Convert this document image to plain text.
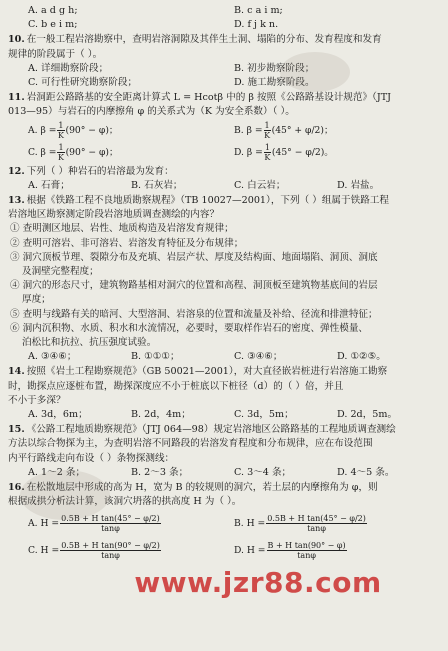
A. a d g h;	B. c a i m;
C. b e i m;	D. f j k n.
10. 在一般工程岩溶勘察中，查明岩溶洞隙及其伴生土洞、塌陷的分布、发育程度和发育
规律的阶段属于（ ）。
A. 详细勘察阶段；	B. 初步勘察阶段；
C. 可行性研究勘察阶段；	D. 施工勘察阶段。
11. 岩洞距公路路基的安全距离计算式 L = Hcotβ 中的 β 按照《公路路基设计规范》（JTJ
013—95）与岩石的内摩擦角 φ 的关系式为（K 为安全系数）（ ）。
A. $\beta = \frac{1}{K} (90^\circ - \varphi)$；	B. $\beta = \frac{1}{K} (45^\circ + \varphi/2)$；
C. $\beta = \frac{1}{K} (90^\circ - \varphi)$；	D. $\beta = \frac{1}{K} (45^\circ - \varphi/2)$。
12. 下列（ ）种岩石的岩溶最为发育：
A. 石膏；	B. 石灰岩；	C. 白云岩；	D. 岩盐。
13. 根据《铁路工程不良地质勘察规程》（TB 10027—2001），下列（ ）组属于铁路工程
岩溶地区勘察测定阶段岩溶地质调查测绘的内容？
① 查明测区地层、岩性、地质构造及岩溶发育规律；
② 查明可溶岩、非可溶岩、岩溶发育特征及分布规律；
③ 洞穴顶板节理、裂隙分布及充填、岩层产状、厚度及结构面、地面塌陷、洞顶、洞底
及洞壁完整程度；
④ 洞穴的形态尺寸，建筑物路基相对洞穴的位置和高程、洞顶板至建筑物基底间的岩层
厚度；
⑤ 查明与线路有关的暗河、大型溶洞、岩溶泉的位置和流量及补给、径流和排泄特征；
⑥ 洞内沉积物、水质、积水和水流情况，必要时，要取样作岩石的密度、弹性模量、
泊松比和抗拉、抗压强度试验。
A. ③④⑥；	B. ①①①；	C. ③④⑥；	D. ①②⑤。
14. 按照《岩土工程勘察规范》（GB 50021—2001），对大直径嵌岩桩进行岩溶施工勘察
时，勘探点应逐桩布置，勘探深度应不小于桩底以下桩径（d）的（ ）倍，并且
不小于多深？
A. 3d，6m；	B. 2d，4m；	C. 3d，5m；	D. 2d，5m。
15. 《公路工程地质勘察规范》（JTJ 064—98）规定岩溶地区公路路基的工程地质调查测绘
方法以综合物探为主，为查明岩溶不同路段的岩溶发育程度和分布规律，应在布设范围
内平行路线走向布设（ ）条物探测线：
A. 1～2 条；	B. 2～3 条；	C. 3～4 条；	D. 4～5 条。
16. 在松散地层中形成的高为 H，宽为 B 的较规则的洞穴，若土层的内摩擦角为 φ，则
根据成拱分析法计算，该洞穴坍落的拱高度 H 为（ ）。
A. $H = \frac{\text{0.5B + H tan(45° − φ/2)}}{\tan\varphi}$	B. $H = \frac{\text{0.5B + H tan(45° − φ/2)}}{\tan\varphi}$
C. $H = \frac{\text{0.5B + H tan(90° − φ/2)}}{\tan\varphi}$	D. $H = \frac{\text{B + H tan(90° − φ)}}{\tan\varphi}$
www.jzr88.com
